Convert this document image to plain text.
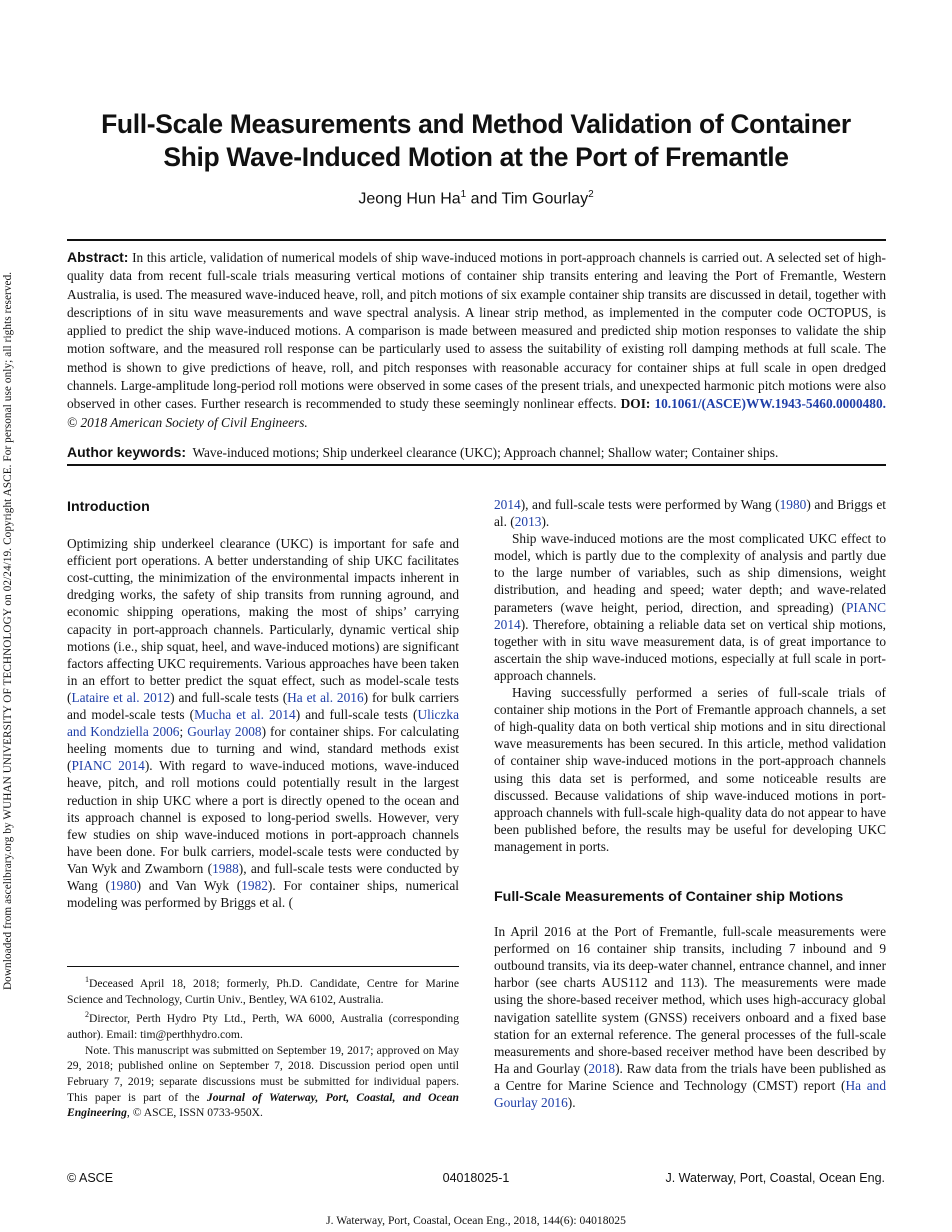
Downloaded from ascelibrary.org by WUHAN UNIVERSITY OF TECHNOLOGY on 02/24/19. Copyright ASCE. For personal use only; all rights reserved.
Full-Scale Measurements and Method Validation of Container
Ship Wave-Induced Motion at the Port of Fremantle
Jeong Hun Ha$^1$ and Tim Gourlay$^2$
Abstract: In this article, validation of numerical models of ship wave-induced motions in port-approach channels is carried out. A selected set of high-quality data from recent full-scale trials measuring vertical motions of container ship transits entering and leaving the Port of Fremantle, Western Australia, is used. The measured wave-induced heave, roll, and pitch motions of six example container ship transits are discussed in detail, together with descriptions of in situ wave measurements and wave spectral analysis. A linear strip method, as implemented in the computer code OCTOPUS, is applied to predict the ship wave-induced motions. A comparison is made between measured and predicted ship motion responses to validate the ship motion software, and the measured roll response can be particularly used to assess the suitability of existing roll damping methods at full scale. The method is shown to give predictions of heave, roll, and pitch responses with reasonable accuracy for container ships at full scale in open dredged channels. Large-amplitude long-period roll motions were observed in some cases of the present trials, and unexpected harmonic pitch motions were also observed in other cases. Further research is recommended to study these seemingly nonlinear effects. DOI: 10.1061/(ASCE)WW.1943-5460.0000480. © 2018 American Society of Civil Engineers.
Author keywords: Wave-induced motions; Ship underkeel clearance (UKC); Approach channel; Shallow water; Container ships.
Introduction

Optimizing ship underkeel clearance (UKC) is important for safe and efficient port operations. A better understanding of ship UKC facilitates cost-cutting, the minimization of the environmental impacts inherent in dredging works, the safety of ship transits from running aground, and economic shipping operations, making the most of ships’ carrying capacity in port-approach channels. Particularly, dynamic vertical ship motions (i.e., ship squat, heel, and wave-induced motions) are significant factors affecting UKC requirements. Various approaches have been taken in an effort to better predict the squat effect, such as model-scale tests (Lataire et al. 2012) and full-scale tests (Ha et al. 2016) for bulk carriers and model-scale tests (Mucha et al. 2014) and full-scale tests (Uliczka and Kondziella 2006; Gourlay 2008) for container ships. For calculating heeling moments due to turning and wind, standard methods exist (PIANC 2014). With regard to wave-induced motions, wave-induced heave, pitch, and roll motions could potentially result in the largest reduction in ship UKC where a port is directly opened to the ocean and its approach channel is exposed to long-period swells. However, very few studies on ship wave-induced motions in port-approach channels have been done. For bulk carriers, model-scale tests were conducted by Van Wyk and Zwamborn (1988), and full-scale tests were conducted by Wang (1980) and Van Wyk (1982). For container ships, numerical modeling was performed by Briggs et al. (

$^1$Deceased April 18, 2018; formerly, Ph.D. Candidate, Centre for Marine Science and Technology, Curtin Univ., Bentley, WA 6102, Australia.

$^2$Director, Perth Hydro Pty Ltd., Perth, WA 6000, Australia (corresponding author). Email: tim@perthhydro.com.

Note. This manuscript was submitted on September 19, 2017; approved on May 29, 2018; published online on September 7, 2018. Discussion period open until February 7, 2019; separate discussions must be submitted for individual papers. This paper is part of the Journal of Waterway, Port, Coastal, and Ocean Engineering, © ASCE, ISSN 0733-950X.

2014), and full-scale tests were performed by Wang (1980) and Briggs et al. (2013).

Ship wave-induced motions are the most complicated UKC effect to model, which is partly due to the complexity of analysis and partly due to the large number of variables, such as ship dimensions, weight distribution, and heading and speed; water depth; and wave-related parameters (wave height, period, direction, and spreading) (PIANC 2014). Therefore, obtaining a reliable data set on vertical ship motions, together with in situ wave measurement data, is of great importance to ascertain the ship wave-induced motions, especially at full scale in port-approach channels.

Having successfully performed a series of full-scale trials of container ship motions in the Port of Fremantle approach channels, a set of high-quality data on both vertical ship motions and in situ directional wave measurements has been secured. In this article, method validation of container ship wave-induced motions in the port-approach channels using this data set is performed, and some noticeable results are discussed. Because validations of ship wave-induced motions in port-approach channels with full-scale high-quality data do not appear to have been published before, the results may be useful for developing UKC management in ports.

Full-Scale Measurements of Container ship Motions

In April 2016 at the Port of Fremantle, full-scale measurements were performed on 16 container ship transits, including 7 inbound and 9 outbound transits, via its deep-water channel, entrance channel, and inner harbor (see charts AUS112 and 113). The measurements were made using the shore-based receiver method, which uses high-accuracy global navigation satellite system (GNSS) receivers onboard and a fixed base station for an external reference. The general processes of the full-scale measurements and shore-based receiver method have been described by Ha and Gourlay (2018). Raw data from the trials have been published as a Centre for Marine Science and Technology (CMST) report (Ha and Gourlay 2016).

© ASCE	04018025-1	J. Waterway, Port, Coastal, Ocean Eng.
J. Waterway, Port, Coastal, Ocean Eng., 2018, 144(6): 04018025
